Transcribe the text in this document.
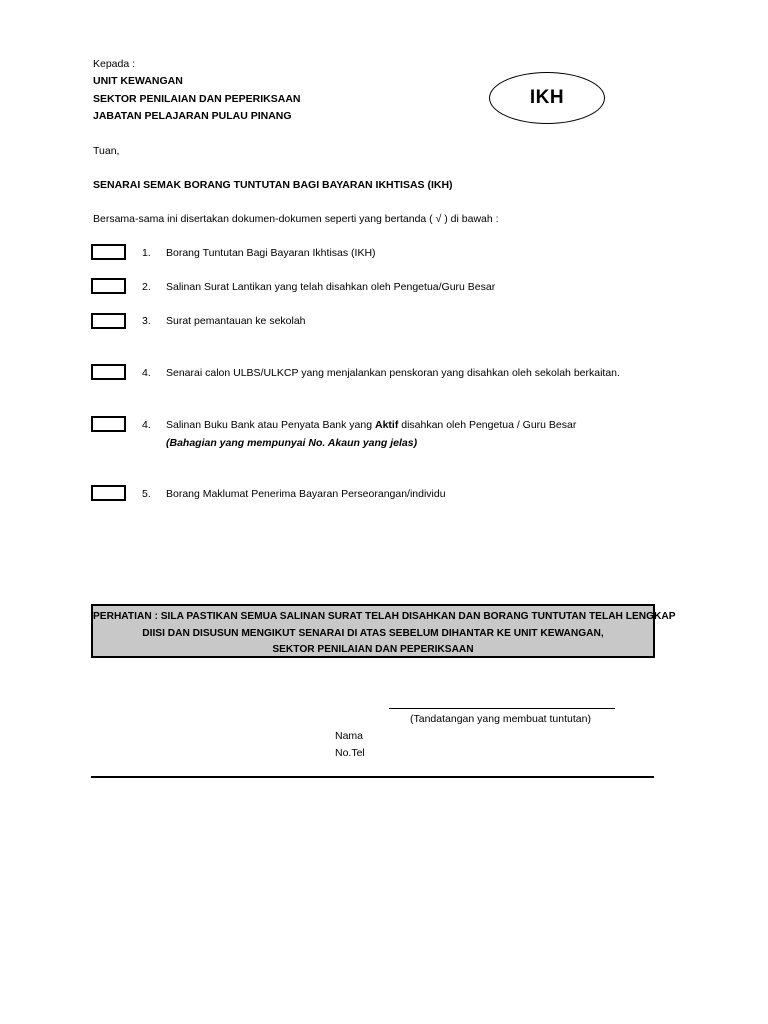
Kepada :
UNIT KEWANGAN
SEKTOR PENILAIAN DAN PEPERIKSAAN
JABATAN PELAJARAN PULAU PINANG
IKH
Tuan,
SENARAI SEMAK BORANG TUNTUTAN BAGI BAYARAN IKHTISAS (IKH)
Bersama-sama ini disertakan dokumen-dokumen seperti yang bertanda ( √ ) di bawah :
1. Borang Tuntutan Bagi Bayaran Ikhtisas (IKH)
2. Salinan Surat Lantikan yang telah disahkan oleh Pengetua/Guru Besar
3. Surat pemantauan ke sekolah
4. Senarai calon ULBS/ULKCP yang menjalankan penskoran yang disahkan oleh sekolah berkaitan.
4. Salinan Buku Bank atau Penyata Bank yang Aktif disahkan oleh Pengetua / Guru Besar
(Bahagian yang mempunyai No. Akaun yang jelas)
5. Borang Maklumat Penerima Bayaran Perseorangan/individu
PERHATIAN : SILA PASTIKAN SEMUA SALINAN SURAT TELAH DISAHKAN DAN BORANG TUNTUTAN TELAH LENGKAP
DIISI DAN DISUSUN MENGIKUT SENARAI DI ATAS SEBELUM DIHANTAR KE UNIT KEWANGAN,
SEKTOR PENILAIAN DAN PEPERIKSAAN
(Tandatangan yang membuat tuntutan)
Nama
No.Tel
